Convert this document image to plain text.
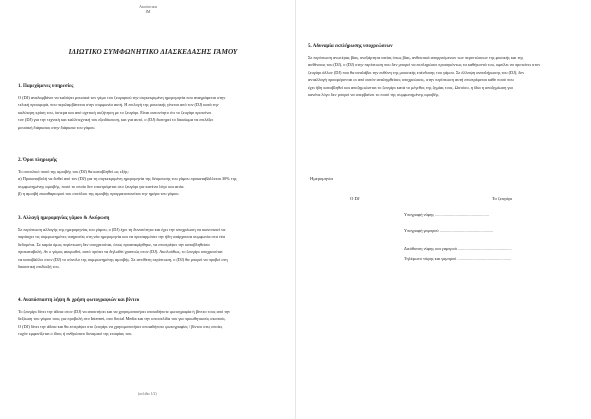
Ακούστικα
ΙΜ
ΙΔΙΩΤΙΚΟ ΣΥΜΦΩΝΗΤΙΚΟ ΔΙΑΣΚΕΔΑΣΗΣ ΓΑΜΟΥ
1. Παρεχόμενες υπηρεσίες

Ο (DJ) αναλαμβάνει να καλύψει μουσικά τον γάμο του ζευγαριού την συγκεκριμένη ημερομηνία που αναγράφεται στην

τελική προσφορά, που περιλαμβάνεται στην συμφωνία αυτή. Η επιλογή της μουσικής γίνεται από τον (DJ) κατά την

καλύτερη κρίση του, ύστερα και από σχετική συζήτηση με το ζευγάρι. Είναι αυτονόητο ότι το ζευγάρι προτείνει

τον (DJ) για την τεχνική και καλλιτεχνική του εξειδίκευση, και για αυτό, ο (DJ) διατηρεί το δικαίωμα να επιλέξει

μουσική διάρκειας στην διάρκεια του γάμου.

2. Όροι πληρωμής

Το συνολικό ποσό της αμοιβής του (DJ) θα καταβληθεί ως εξής:

α) Προκαταβολή να δοθεί από τον (DJ) για τη συγκεκριμένη ημερομηνία της δέσμευσης του γάμου προκαταβάλλεται 30% της

συμφωνημένης αμοιβής, ποσό το οποίο δεν επιστρέφεται στο ζευγάρι για κανένα λόγο και αιτία.

β) η αμοιβή εκκαθαρισμού του συνόλου της αμοιβής πραγματοποιείται την ημέρα του γάμου.

3. Αλλαγή ημερομηνίας γάμου & Ακύρωση

Σε περίπτωση αλλαγής της ημερομηνίας του γάμου, ο (DJ) έχει τη δυνατότητα και έχει την υποχρέωση να ικανοποιεί να

παράσχει τις συμφωνημένες υπηρεσίες στη νέα ημερομηνία και να προσαρμόσει την ήδη υπάρχουσα συμφωνία στα νέα

δεδομένα. Σε καμία όμως περίπτωση δεν υποχρεούται, όπως προαναφέρθηκε, να επιστρέψει την καταβληθείσα

προκαταβολή. Αν ο γάμος ακυρωθεί, αυτό πρέπει να δηλωθεί γραπτώς στον (DJ). Ακολούθως, το ζευγάρι υποχρεούται

να καταβάλλει στον (DJ) το σύνολο της συμφωνημένης αμοιβής. Σε αντίθετη περίπτωση, ο (DJ) θα μπορεί να προβεί στη

δικαστική επιδίωξή του.

4. Αναπόσπαστη λήψη & χρήση φωτογραφιών και βίντεο

Το ζευγάρι δίνει την άδεια στον (DJ) να αποκτήσει και να χρησιμοποιήσει οποιαδήποτε φωτογραφία ή βίντεο τους από την

δεξίωση του γάμου τους για προβολή στο Internet, στα Social Media και την ιστοσελίδα του για προωθητικούς σκοπούς.

Ο (DJ) δίνει την άδεια και θα επιτρέψει στο ζευγάρι να χρησιμοποιήσει οποιαδήποτε φωτογραφίες / βίντεο στις οποίες

τυχόν εμφανίζεται ο ίδιος ή ανθρώπινο δυναμικό της εταιρίας του.

(σελίδα 1/2)
5. Αδυναμία εκπλήρωσης υποχρεώσεων

Σε περίπτωση ανωτέρας βίας, ανεξάρτητα αιτίας όπως βίας, ανθεκτικά απορρεόμενων των περιπτώσεων της φυσικής και της

ασθένειας του (DJ), ο (DJ) στην περίπτωση που δεν μπορεί να εκπληρώσει προσηκόντως τα καθήκοντά του, οφείλει να προτείνει στον

ζευγάρι άλλον (DJ) που θα αναλάβει την ευθύνη της μουσικής επένδυσης του γάμου. Σε έλλειψη αναπλήρωσης του (DJ), δεν

ανταλλαγή προσφέρονται οι από αυτόν αναληφθείσες υποχρεώσεις, στην περίπτωση αυτή επιστρέφεται κάθε ποσό που

έχει ήδη καταβληθεί και αποζημιώνεται το ζευγάρι κατά το μέγεθος της ζημίας τους. Ωστόσο, η ίδια η αποζημίωση για

κανένα λόγο δεν μπορεί να υπερβαίνει το ποσό της συμφωνημένης αμοιβής.

Ημερομηνία
Ο DJ	Το ζευγάρι
Υπογραφή νύφης ..................................................
Υπογραφή γαμπρού ..................................................
Διεύθυνση νύφης και γαμπρού ..................................................
Τηλέφωνο νύφης και γαμπρού ..................................................
